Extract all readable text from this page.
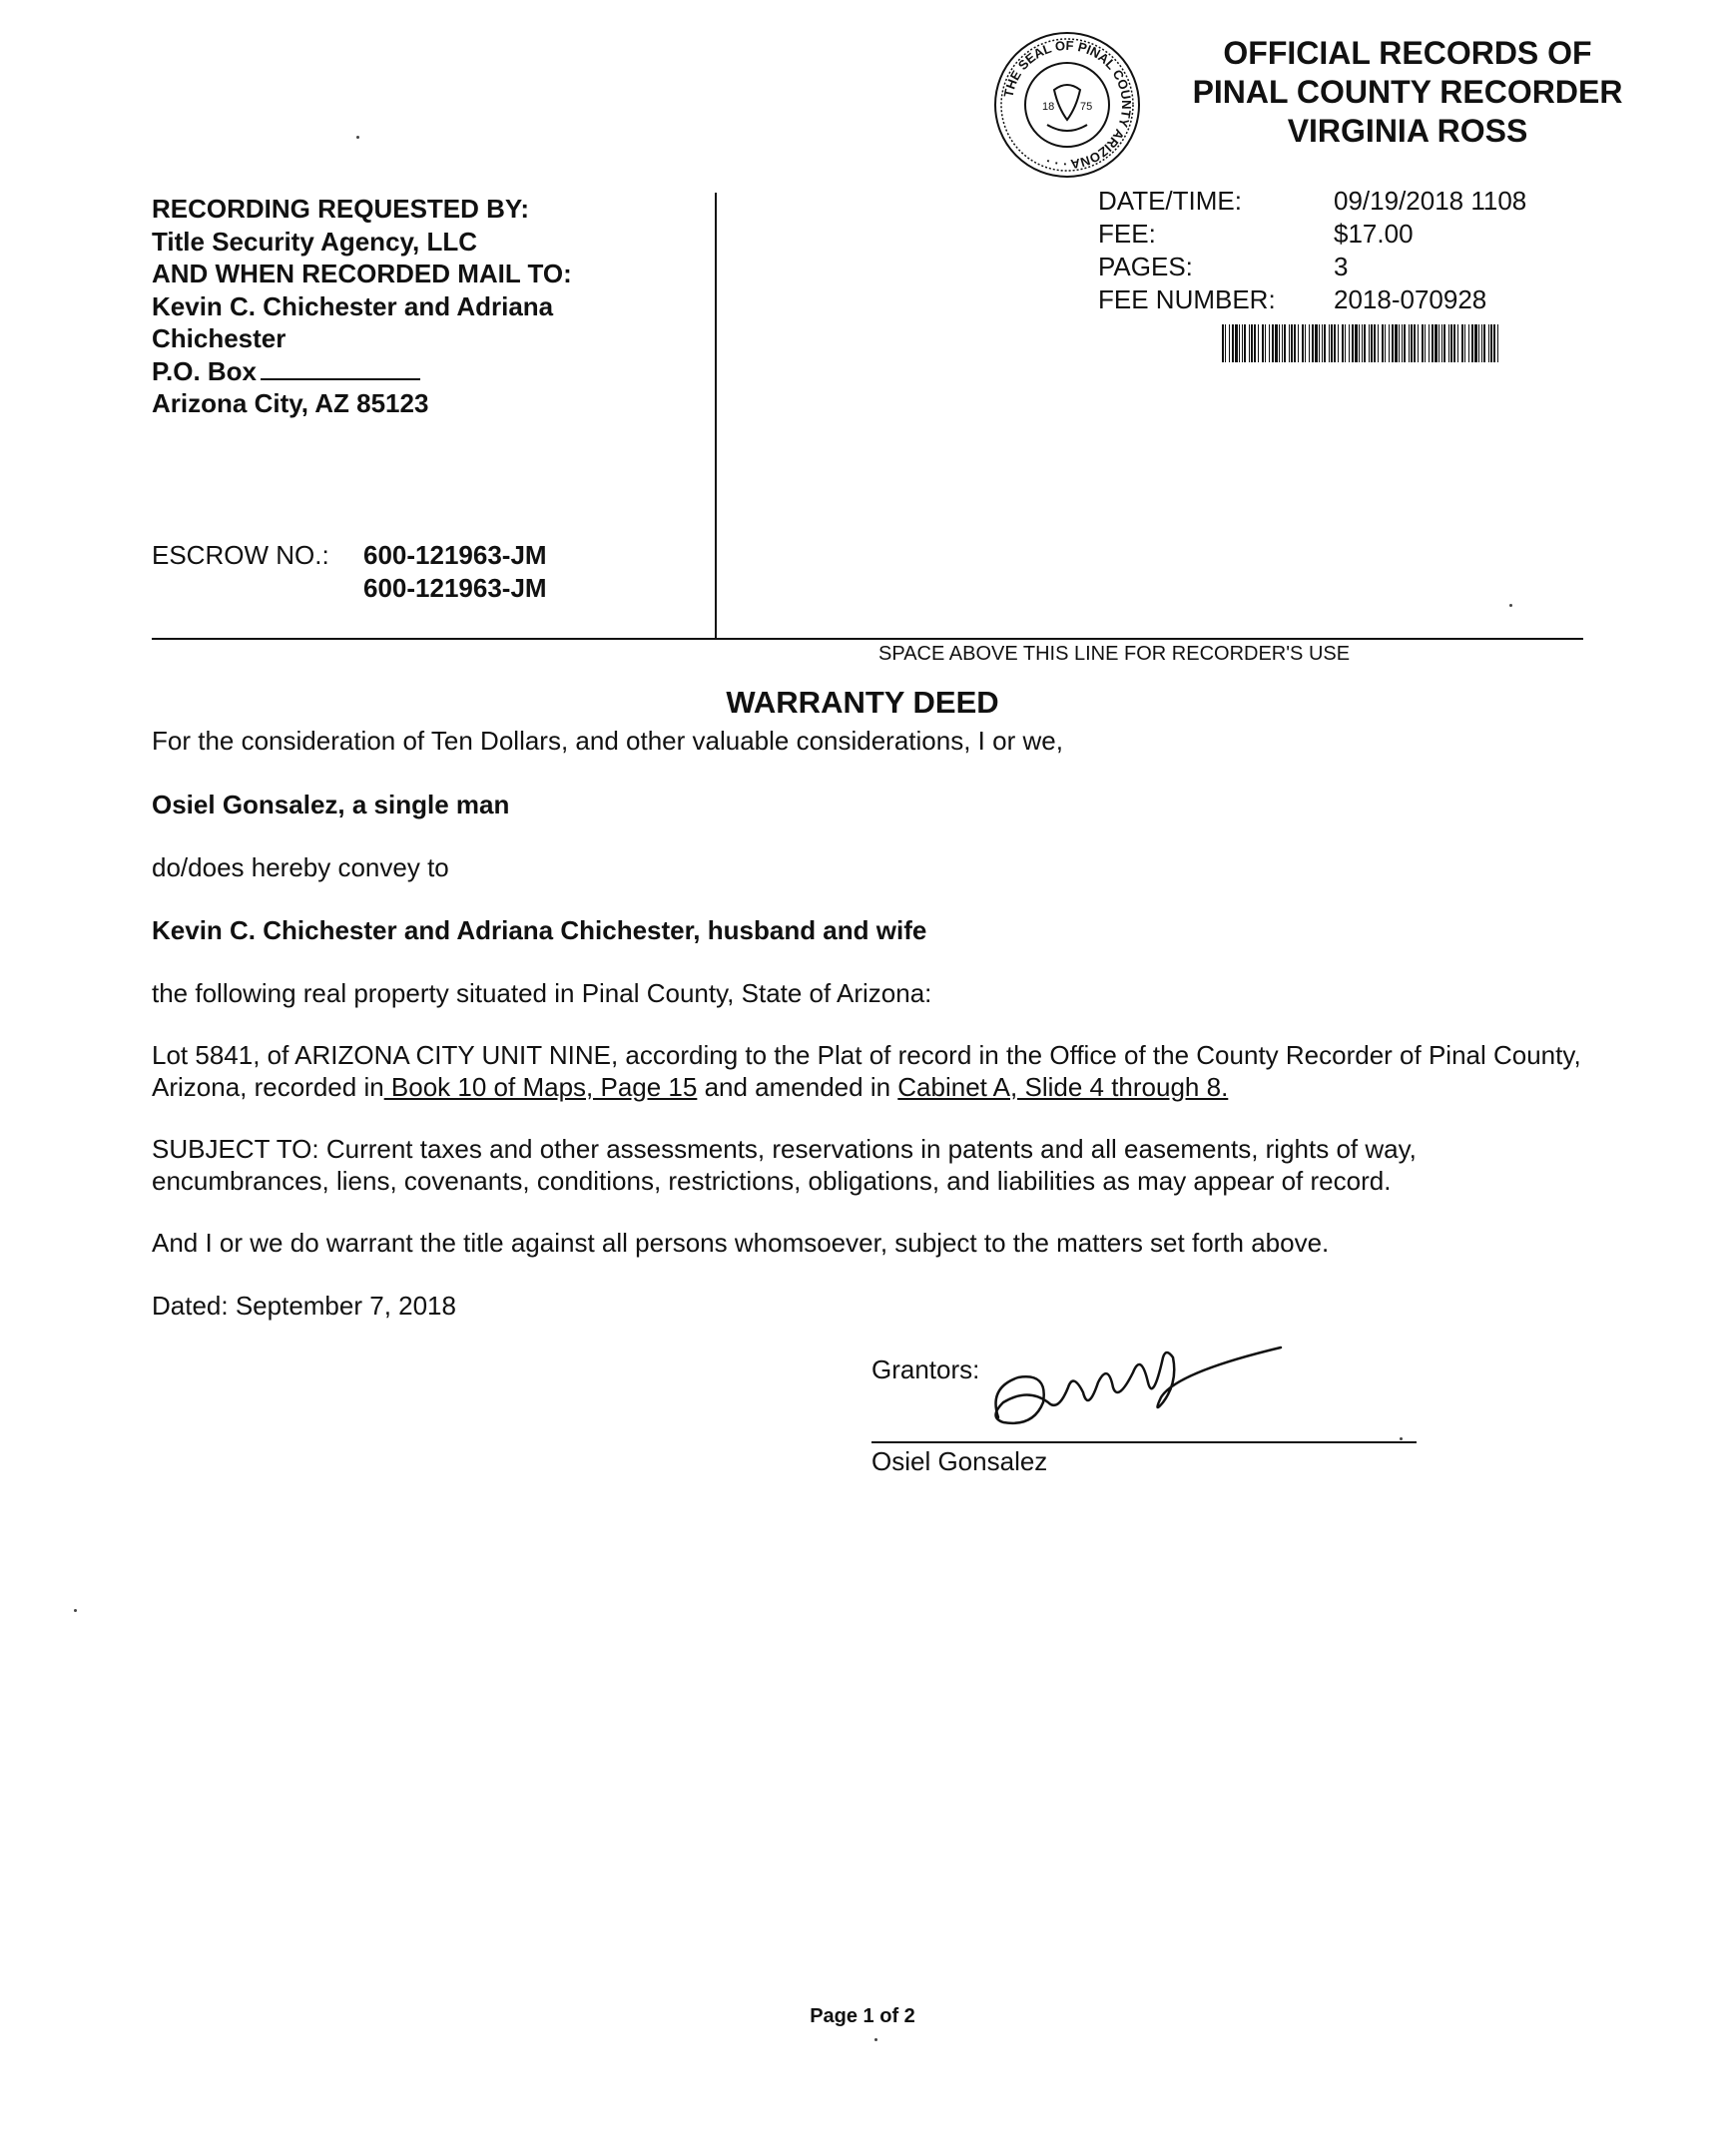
THE SEAL OF PINAL COUNTY ARIZONA · · ·
18 75
OFFICIAL RECORDS OF
PINAL COUNTY RECORDER
VIRGINIA ROSS
DATE/TIME:	09/19/2018 1108
FEE:	$17.00
PAGES:	3
FEE NUMBER:	2018-070928
RECORDING REQUESTED BY:
Title Security Agency, LLC
AND WHEN RECORDED MAIL TO:
Kevin C. Chichester and Adriana
Chichester
P.O. Box
Arizona City, AZ 85123
ESCROW NO.: 600-121963-JM
600-121963-JM
SPACE ABOVE THIS LINE FOR RECORDER'S USE
WARRANTY DEED
For the consideration of Ten Dollars, and other valuable considerations, I or we,
Osiel Gonsalez, a single man
do/does hereby convey to
Kevin C. Chichester and Adriana Chichester, husband and wife
the following real property situated in Pinal County, State of Arizona:
Lot 5841, of ARIZONA CITY UNIT NINE, according to the Plat of record in the Office of the County Recorder of Pinal County, Arizona, recorded in Book 10 of Maps, Page 15 and amended in Cabinet A, Slide 4 through 8.
SUBJECT TO: Current taxes and other assessments, reservations in patents and all easements, rights of way, encumbrances, liens, covenants, conditions, restrictions, obligations, and liabilities as may appear of record.
And I or we do warrant the title against all persons whomsoever, subject to the matters set forth above.
Dated: September 7, 2018
Grantors:
Osiel Gonsalez
Page 1 of 2
